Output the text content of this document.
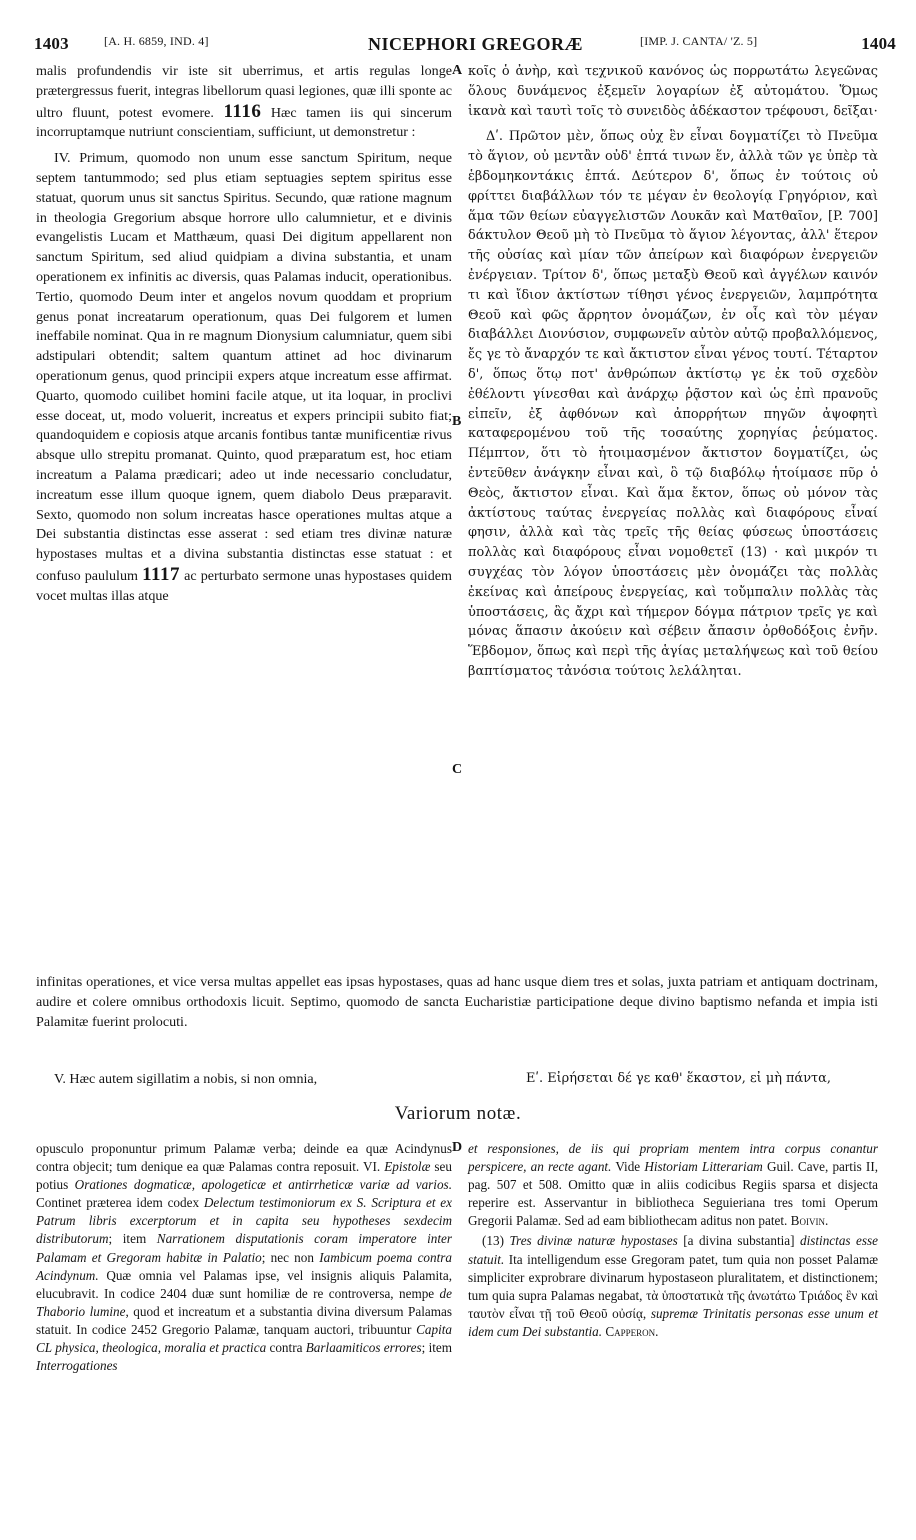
1403	[A. H. 6859, IND. 4]	NICEPHORI GREGORÆ	[IMP. J. CANTA/ 'Z. 5]	1404
A
B
C
D

malis profundendis vir iste sit uberrimus, et artis regulas longe prætergressus fuerit, integras libellorum quasi legiones, quæ illi sponte ac ultro fluunt, potest evomere. 1116 Hæc tamen iis qui sincerum incorruptamque nutriunt conscientiam, sufficiunt, ut demonstretur :

IV. Primum, quomodo non unum esse sanctum Spiritum, neque septem tantummodo; sed plus etiam septuagies septem spiritus esse statuat, quorum unus sit sanctus Spiritus. Secundo, quæ ratione magnum in theologia Gregorium absque horrore ullo calumnietur, et e divinis evangelistis Lucam et Matthæum, quasi Dei digitum appellarent non sanctum Spiritum, sed aliud quidpiam a divina substantia, et unam operationem ex infinitis ac diversis, quas Palamas inducit, operationibus. Tertio, quomodo Deum inter et angelos novum quoddam et proprium genus ponat increatarum operationum, quas Dei fulgorem et lumen ineffabile nominat. Qua in re magnum Dionysium calumniatur, quem sibi adstipulari obtendit; saltem quantum attinet ad hoc divinarum operationum genus, quod principii expers atque increatum esse affirmat. Quarto, quomodo cuilibet homini facile atque, ut ita loquar, in proclivi esse doceat, ut, modo voluerit, increatus et expers principii subito fiat; quandoquidem e copiosis atque arcanis fontibus tantæ munificentiæ rivus absque ullo strepitu promanat. Quinto, quod præparatum est, hoc etiam increatum a Palama prædicari; adeo ut inde necessario concludatur, increatum esse illum quoque ignem, quem diabolo Deus præparavit. Sexto, quomodo non solum increatas hasce operationes multas atque a Dei substantia distinctas esse asserat : sed etiam tres divinæ naturæ hypostases multas et a divina substantia distinctas esse statuat : et confuso paululum 1117 ac perturbato sermone unas hypostases quidem vocet multas illas atque

κοῖς ὁ ἀνὴρ, καὶ τεχνικοῦ κανόνος ὡς πορρωτάτω λεγεῶνας ὅλους δυνάμενος ἐξεμεῖν λογαρίων ἐξ αὐτομάτου. Ὅμως ἱκανὰ καὶ ταυτὶ τοῖς τὸ συνειδὸς ἀδέκαστον τρέφουσι, δεῖξαι·

Δʹ. Πρῶτον μὲν, ὅπως οὐχ ἓν εἶναι δογματίζει τὸ Πνεῦμα τὸ ἅγιον, οὐ μεντἂν οὐδ' ἑπτά τινων ἕν, ἀλλὰ τῶν γε ὑπὲρ τὰ ἑβδομηκοντάκις ἑπτά. Δεύτερον δ', ὅπως ἐν τούτοις οὐ φρίττει διαβάλλων τόν τε μέγαν ἐν θεολογίᾳ Γρηγόριον, καὶ ἅμα τῶν θείων εὐαγγελιστῶν Λουκᾶν καὶ Ματθαῖον, [P. 700] δάκτυλον Θεοῦ μὴ τὸ Πνεῦμα τὸ ἅγιον λέγοντας, ἀλλ' ἕτερον τῆς οὐσίας καὶ μίαν τῶν ἀπείρων καὶ διαφόρων ἐνεργειῶν ἐνέργειαν. Τρίτον δ', ὅπως μεταξὺ Θεοῦ καὶ ἀγγέλων καινόν τι καὶ ἴδιον ἀκτίστων τίθησι γένος ἐνεργειῶν, λαμπρότητα Θεοῦ καὶ φῶς ἄρρητον ὀνομάζων, ἐν οἷς καὶ τὸν μέγαν διαβάλλει Διονύσιον, συμφωνεῖν αὐτὸν αὐτῷ προβαλλόμενος, ἔς γε τὸ ἄναρχόν τε καὶ ἄκτιστον εἶναι γένος τουτί. Τέταρτον δ', ὅπως ὅτῳ ποτ' ἀνθρώπων ἀκτίστῳ γε ἐκ τοῦ σχεδὸν ἐθέλοντι γίνεσθαι καὶ ἀνάρχῳ ῥᾷστον καὶ ὡς ἐπὶ πρανοῦς εἰπεῖν, ἐξ ἀφθόνων καὶ ἀπορρήτων πηγῶν ἀψοφητὶ καταφερομένου τοῦ τῆς τοσαύτης χορηγίας ῥεύματος. Πέμπτον, ὅτι τὸ ἡτοιμασμένον ἄκτιστον δογματίζει, ὡς ἐντεῦθεν ἀνάγκην εἶναι καὶ, ὃ τῷ διαβόλῳ ἡτοίμασε πῦρ ὁ Θεὸς, ἄκτιστον εἶναι. Καὶ ἅμα ἔκτον, ὅπως οὐ μόνον τὰς ἀκτίστους ταύτας ἐνεργείας πολλὰς καὶ διαφόρους εἶναί φησιν, ἀλλὰ καὶ τὰς τρεῖς τῆς θείας φύσεως ὑποστάσεις πολλὰς καὶ διαφόρους εἶναι νομοθετεῖ (13) · καὶ μικρόν τι συγχέας τὸν λόγον ὑποστάσεις μὲν ὀνομάζει τὰς πολλὰς ἐκείνας καὶ ἀπείρους ἐνεργείας, καὶ τοὔμπαλιν πολλὰς τὰς ὑποστάσεις, ἃς ἄχρι καὶ τήμερον δόγμα πάτριον τρεῖς γε καὶ μόνας ἅπασιν ἀκούειν καὶ σέβειν ἄπασιν ὀρθοδόξοις ἐνῆν. Ἕβδομον, ὅπως καὶ περὶ τῆς ἁγίας μεταλήψεως καὶ τοῦ θείου βαπτίσματος τἀνόσια τούτοις λελάληται.

infinitas operationes, et vice versa multas appellet eas ipsas hypostases, quas ad hanc usque diem tres et solas, juxta patriam et antiquam doctrinam, audire et colere omnibus orthodoxis licuit. Septimo, quomodo de sancta Eucharistiæ participatione deque divino baptismo nefanda et impia isti Palamitæ fuerint prolocuti.

V. Hæc autem sigillatim a nobis, si non omnia,	Εʹ. Εἰρήσεται δέ γε καθ' ἕκαστον, εἰ μὴ πάντα,
Variorum notæ.

opusculo proponuntur primum Palamæ verba; deinde ea quæ Acindynus contra objecit; tum denique ea quæ Palamas contra reposuit. VI. Epistolæ seu potius Orationes dogmaticæ, apologeticæ et antirrheticæ variæ ad varios. Continet præterea idem codex Delectum testimoniorum ex S. Scriptura et ex Patrum libris excerptorum et in capita seu hypotheses sexdecim distributorum; item Narrationem disputationis coram imperatore inter Palamam et Gregoram habitæ in Palatio; nec non Iambicum poema contra Acindynum. Quæ omnia vel Palamas ipse, vel insignis aliquis Palamita, elucubravit. In codice 2404 duæ sunt homiliæ de re controversa, nempe de Thaborio lumine, quod et increatum et a substantia divina diversum Palamas statuit. In codice 2452 Gregorio Palamæ, tanquam auctori, tribuuntur Capita CL physica, theologica, moralia et practica contra Barlaamiticos errores; item Interrogationes

et responsiones, de iis qui propriam mentem intra corpus conantur perspicere, an recte agant. Vide Historiam Litterariam Guil. Cave, partis II, pag. 507 et 508. Omitto quæ in aliis codicibus Regiis sparsa et disjecta reperire est. Asservantur in bibliotheca Seguieriana tres tomi Operum Gregorii Palamæ. Sed ad eam bibliothecam aditus non patet. Boivin.

(13) Tres divinæ naturæ hypostases [a divina substantia] distinctas esse statuit. Ita intelligendum esse Gregoram patet, tum quia non posset Palamæ simpliciter exprobrare divinarum hypostaseon pluralitatem, et distinctionem; tum quia supra Palamas negabat, τὰ ὑποστατικὰ τῆς ἀνωτάτω Τριάδος ἓν καὶ ταυτὸν εἶναι τῇ τοῦ Θεοῦ οὐσίᾳ, supremæ Trinitatis personas esse unum et idem cum Dei substantia. Capperon.
